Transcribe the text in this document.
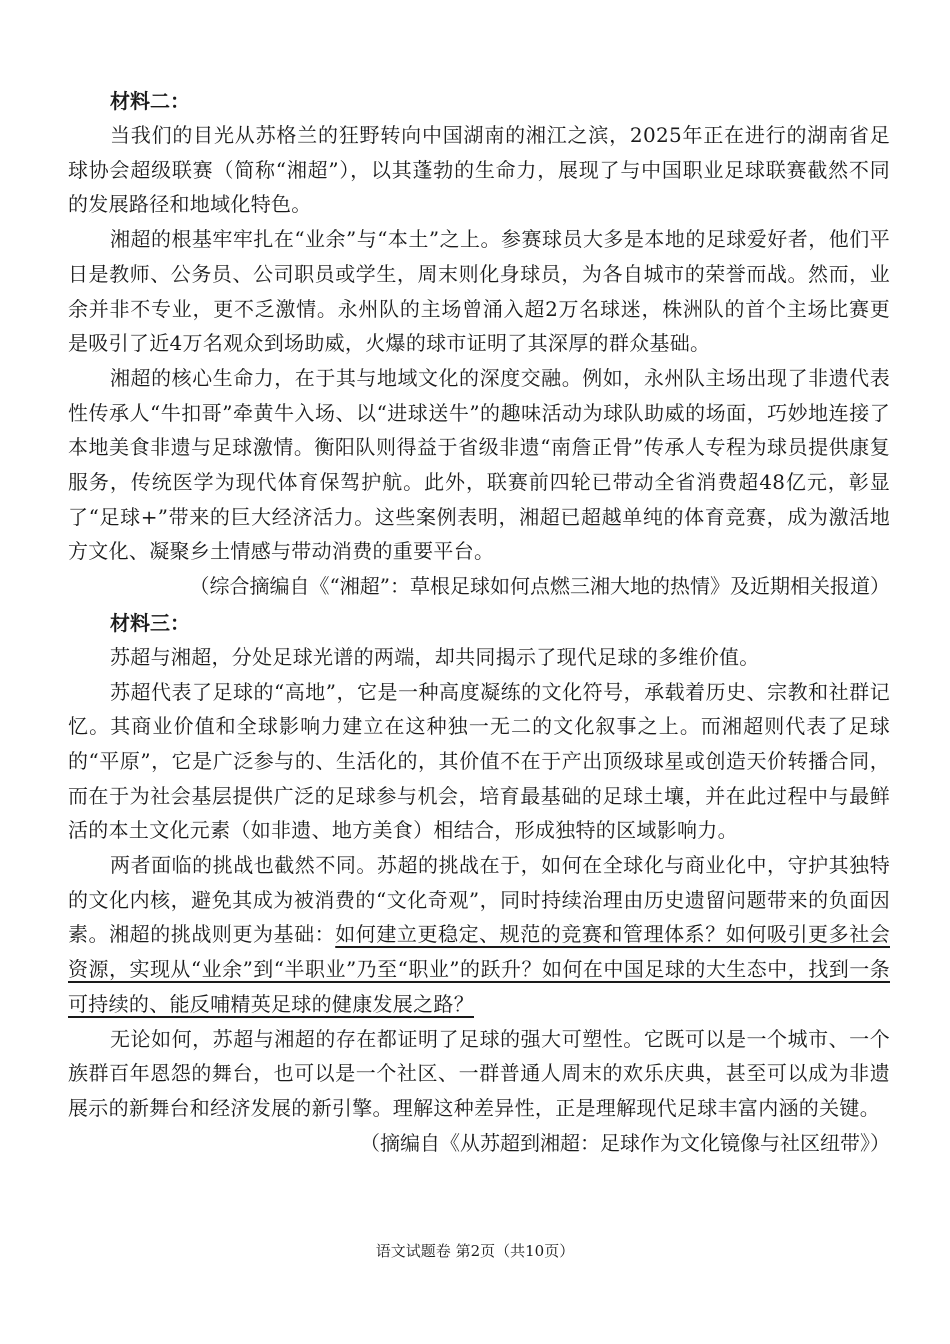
材料二：

当我们的目光从苏格兰的狂野转向中国湖南的湘江之滨，2025年正在进行的湖南省足球协会超级联赛（简称“湘超”），以其蓬勃的生命力，展现了与中国职业足球联赛截然不同的发展路径和地域化特色。

湘超的根基牢牢扎在“业余”与“本土”之上。参赛球员大多是本地的足球爱好者，他们平日是教师、公务员、公司职员或学生，周末则化身球员，为各自城市的荣誉而战。然而，业余并非不专业，更不乏激情。永州队的主场曾涌入超2万名球迷，株洲队的首个主场比赛更是吸引了近4万名观众到场助威，火爆的球市证明了其深厚的群众基础。

湘超的核心生命力，在于其与地域文化的深度交融。例如，永州队主场出现了非遗代表性传承人“牛扣哥”牵黄牛入场、以“进球送牛”的趣味活动为球队助威的场面，巧妙地连接了本地美食非遗与足球激情。衡阳队则得益于省级非遗“南詹正骨”传承人专程为球员提供康复服务，传统医学为现代体育保驾护航。此外，联赛前四轮已带动全省消费超48亿元，彰显了“足球+”带来的巨大经济活力。这些案例表明，湘超已超越单纯的体育竞赛，成为激活地方文化、凝聚乡土情感与带动消费的重要平台。

（综合摘编自《“湘超”：草根足球如何点燃三湘大地的热情》及近期相关报道）

材料三：

苏超与湘超，分处足球光谱的两端，却共同揭示了现代足球的多维价值。

苏超代表了足球的“高地”，它是一种高度凝练的文化符号，承载着历史、宗教和社群记忆。其商业价值和全球影响力建立在这种独一无二的文化叙事之上。而湘超则代表了足球的“平原”，它是广泛参与的、生活化的，其价值不在于产出顶级球星或创造天价转播合同，而在于为社会基层提供广泛的足球参与机会，培育最基础的足球土壤，并在此过程中与最鲜活的本土文化元素（如非遗、地方美食）相结合，形成独特的区域影响力。

两者面临的挑战也截然不同。苏超的挑战在于，如何在全球化与商业化中，守护其独特的文化内核，避免其成为被消费的“文化奇观”，同时持续治理由历史遗留问题带来的负面因素。湘超的挑战则更为基础：如何建立更稳定、规范的竞赛和管理体系？如何吸引更多社会资源，实现从“业余”到“半职业”乃至“职业”的跃升？如何在中国足球的大生态中，找到一条可持续的、能反哺精英足球的健康发展之路？

无论如何，苏超与湘超的存在都证明了足球的强大可塑性。它既可以是一个城市、一个族群百年恩怨的舞台，也可以是一个社区、一群普通人周末的欢乐庆典，甚至可以成为非遗展示的新舞台和经济发展的新引擎。理解这种差异性，正是理解现代足球丰富内涵的关键。

（摘编自《从苏超到湘超：足球作为文化镜像与社区纽带》）

语文试题卷 第2页（共10页）
